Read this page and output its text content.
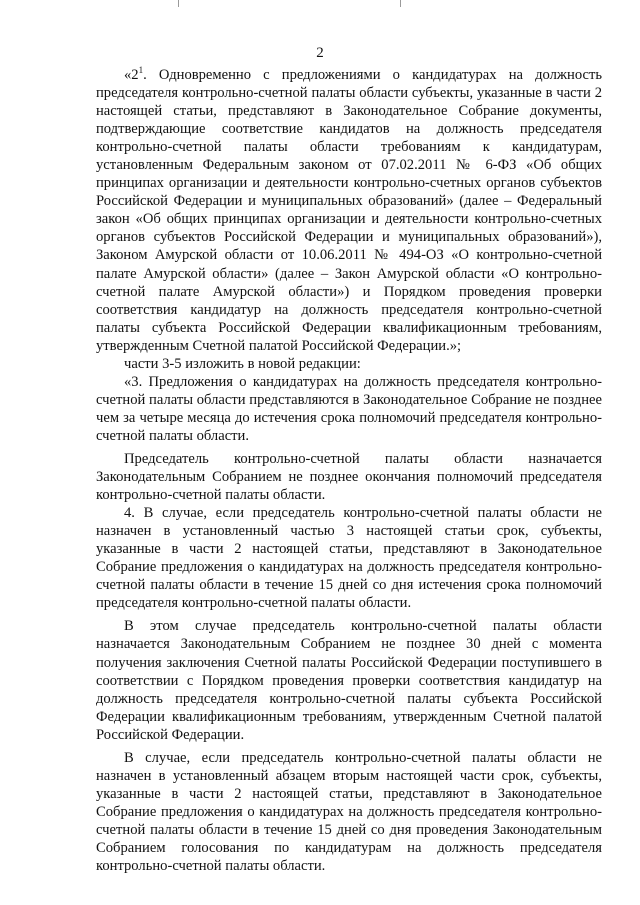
2

«$2^1$. Одновременно с предложениями о кандидатурах на должность председателя контрольно-счетной палаты области субъекты, указанные в части 2 настоящей статьи, представляют в Законодательное Собрание документы, подтверждающие соответствие кандидатов на должность председателя контрольно-счетной палаты области требованиям к кандидатурам, установленным Федеральным законом от 07.02.2011 № 6-ФЗ «Об общих принципах организации и деятельности контрольно-счетных органов субъектов Российской Федерации и муниципальных образований» (далее – Федеральный закон «Об общих принципах организации и деятельности контрольно-счетных органов субъектов Российской Федерации и муниципальных образований»), Законом Амурской области от 10.06.2011 № 494-ОЗ «О контрольно-счетной палате Амурской области» (далее – Закон Амурской области «О контрольно-счетной палате Амурской области») и Порядком проведения проверки соответствия кандидатур на должность председателя контрольно-счетной палаты субъекта Российской Федерации квалификационным требованиям, утвержденным Счетной палатой Российской Федерации.»;

части 3-5 изложить в новой редакции:

«3. Предложения о кандидатурах на должность председателя контрольно-счетной палаты области представляются в Законодательное Собрание не позднее чем за четыре месяца до истечения срока полномочий председателя контрольно-счетной палаты области.

Председатель контрольно-счетной палаты области назначается Законодательным Собранием не позднее окончания полномочий председателя контрольно-счетной палаты области.

4. В случае, если председатель контрольно-счетной палаты области не назначен в установленный частью 3 настоящей статьи срок, субъекты, указанные в части 2 настоящей статьи, представляют в Законодательное Собрание предложения о кандидатурах на должность председателя контрольно-счетной палаты области в течение 15 дней со дня истечения срока полномочий председателя контрольно-счетной палаты области.

В этом случае председатель контрольно-счетной палаты области назначается Законодательным Собранием не позднее 30 дней с момента получения заключения Счетной палаты Российской Федерации поступившего в соответствии с Порядком проведения проверки соответствия кандидатур на должность председателя контрольно-счетной палаты субъекта Российской Федерации квалификационным требованиям, утвержденным Счетной палатой Российской Федерации.

В случае, если председатель контрольно-счетной палаты области не назначен в установленный абзацем вторым настоящей части срок, субъекты, указанные в части 2 настоящей статьи, представляют в Законодательное Собрание предложения о кандидатурах на должность председателя контрольно-счетной палаты области в течение 15 дней со дня проведения Законодательным Собранием голосования по кандидатурам на должность председателя контрольно-счетной палаты области.
